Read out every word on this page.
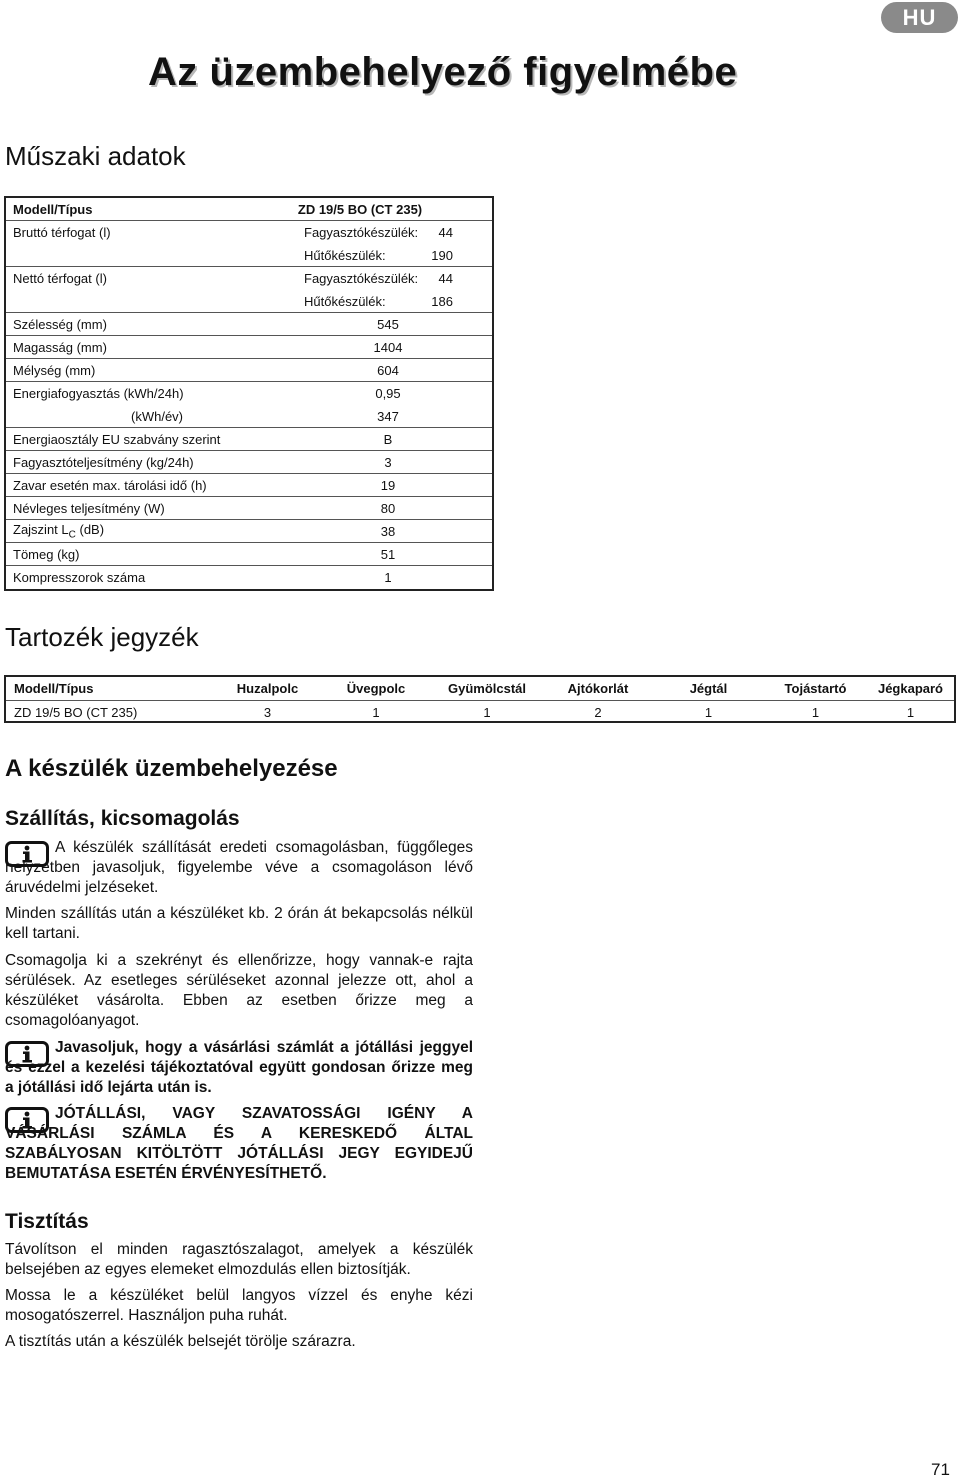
HU
Az üzembehelyező figyelmébe
Műszaki adatok
Modell/Típus	ZD 19/5 BO (CT 235)
Bruttó térfogat (l)	Fagyasztókészülék: 44
Hűtőkészülék:	190
Nettó térfogat (l)	Fagyasztókészülék: 44
Hűtőkészülék:	186
Szélesség (mm)	545
Magasság (mm)	1404
Mélység (mm)	604
Energiafogyasztás (kWh/24h)	0,95
(kWh/év)	347
Energiaosztály EU szabvány szerint	B
Fagyasztóteljesítmény (kg/24h)	3
Zavar esetén max. tárolási idő (h)	19
Névleges teljesítmény (W)	80
Zajszint $L_C$ (dB)	38
Tömeg (kg)	51
Kompresszorok száma	1
Tartozék jegyzék
Modell/Típus	Huzalpolc	Üvegpolc	Gyümölcstál	Ajtókorlát	Jégtál	Tojástartó	Jégkaparó
ZD 19/5 BO (CT 235)	3	1	1	2	1	1	1
A készülék üzembehelyezése
Szállítás, kicsomagolás

A készülék szállítását eredeti csomagolásban, függőleges helyzetben javasoljuk, figyelembe véve a csomagoláson lévő áruvédelmi jelzéseket.

Minden szállítás után a készüléket kb. 2 órán át bekapcsolás nélkül kell tartani.

Csomagolja ki a szekrényt és ellenőrizze, hogy vannak-e rajta sérülések. Az esetleges sérüléseket azonnal jelezze ott, ahol a készüléket vásárolta. Ebben az esetben őrizze meg a csomagolóanyagot.

Javasoljuk, hogy a vásárlási számlát a jótállási jeggyel és ezzel a kezelési tájékoztatóval együtt gondosan őrizze meg a jótállási idő lejárta után is.

JÓTÁLLÁSI, VAGY SZAVATOSSÁGI IGÉNY A VÁSÁRLÁSI SZÁMLA ÉS A KERESKEDŐ ÁLTAL SZABÁLYOSAN KITÖLTÖTT JÓTÁLLÁSI JEGY EGYIDEJŰ BEMUTATÁSA ESETÉN ÉRVÉNYESÍTHETŐ.

Tisztítás

Távolítson el minden ragasztószalagot, amelyek a készülék belsejében az egyes elemeket elmozdulás ellen biztosítják.

Mossa le a készüléket belül langyos vízzel és enyhe kézi mosogatószerrel. Használjon puha ruhát.

A tisztítás után a készülék belsejét törölje szárazra.

71
